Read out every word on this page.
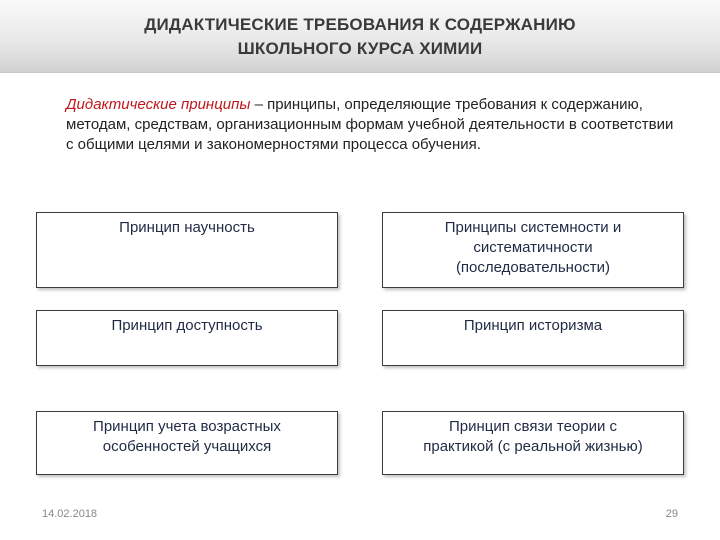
ДИДАКТИЧЕСКИЕ ТРЕБОВАНИЯ К СОДЕРЖАНИЮ
ШКОЛЬНОГО КУРСА ХИМИИ
Дидактические принципы – принципы, определяющие требования к содержанию, методам, средствам, организационным формам учебной деятельности в соответствии с общими целями и закономерностями процесса обучения.
Принцип научность	Принципы системности и
систематичности
(последовательности)
Принцип доступность	Принцип историзма
Принцип учета возрастных
особенностей учащихся
Принцип связи теории с
практикой (с реальной жизнью)
14.02.2018	29
